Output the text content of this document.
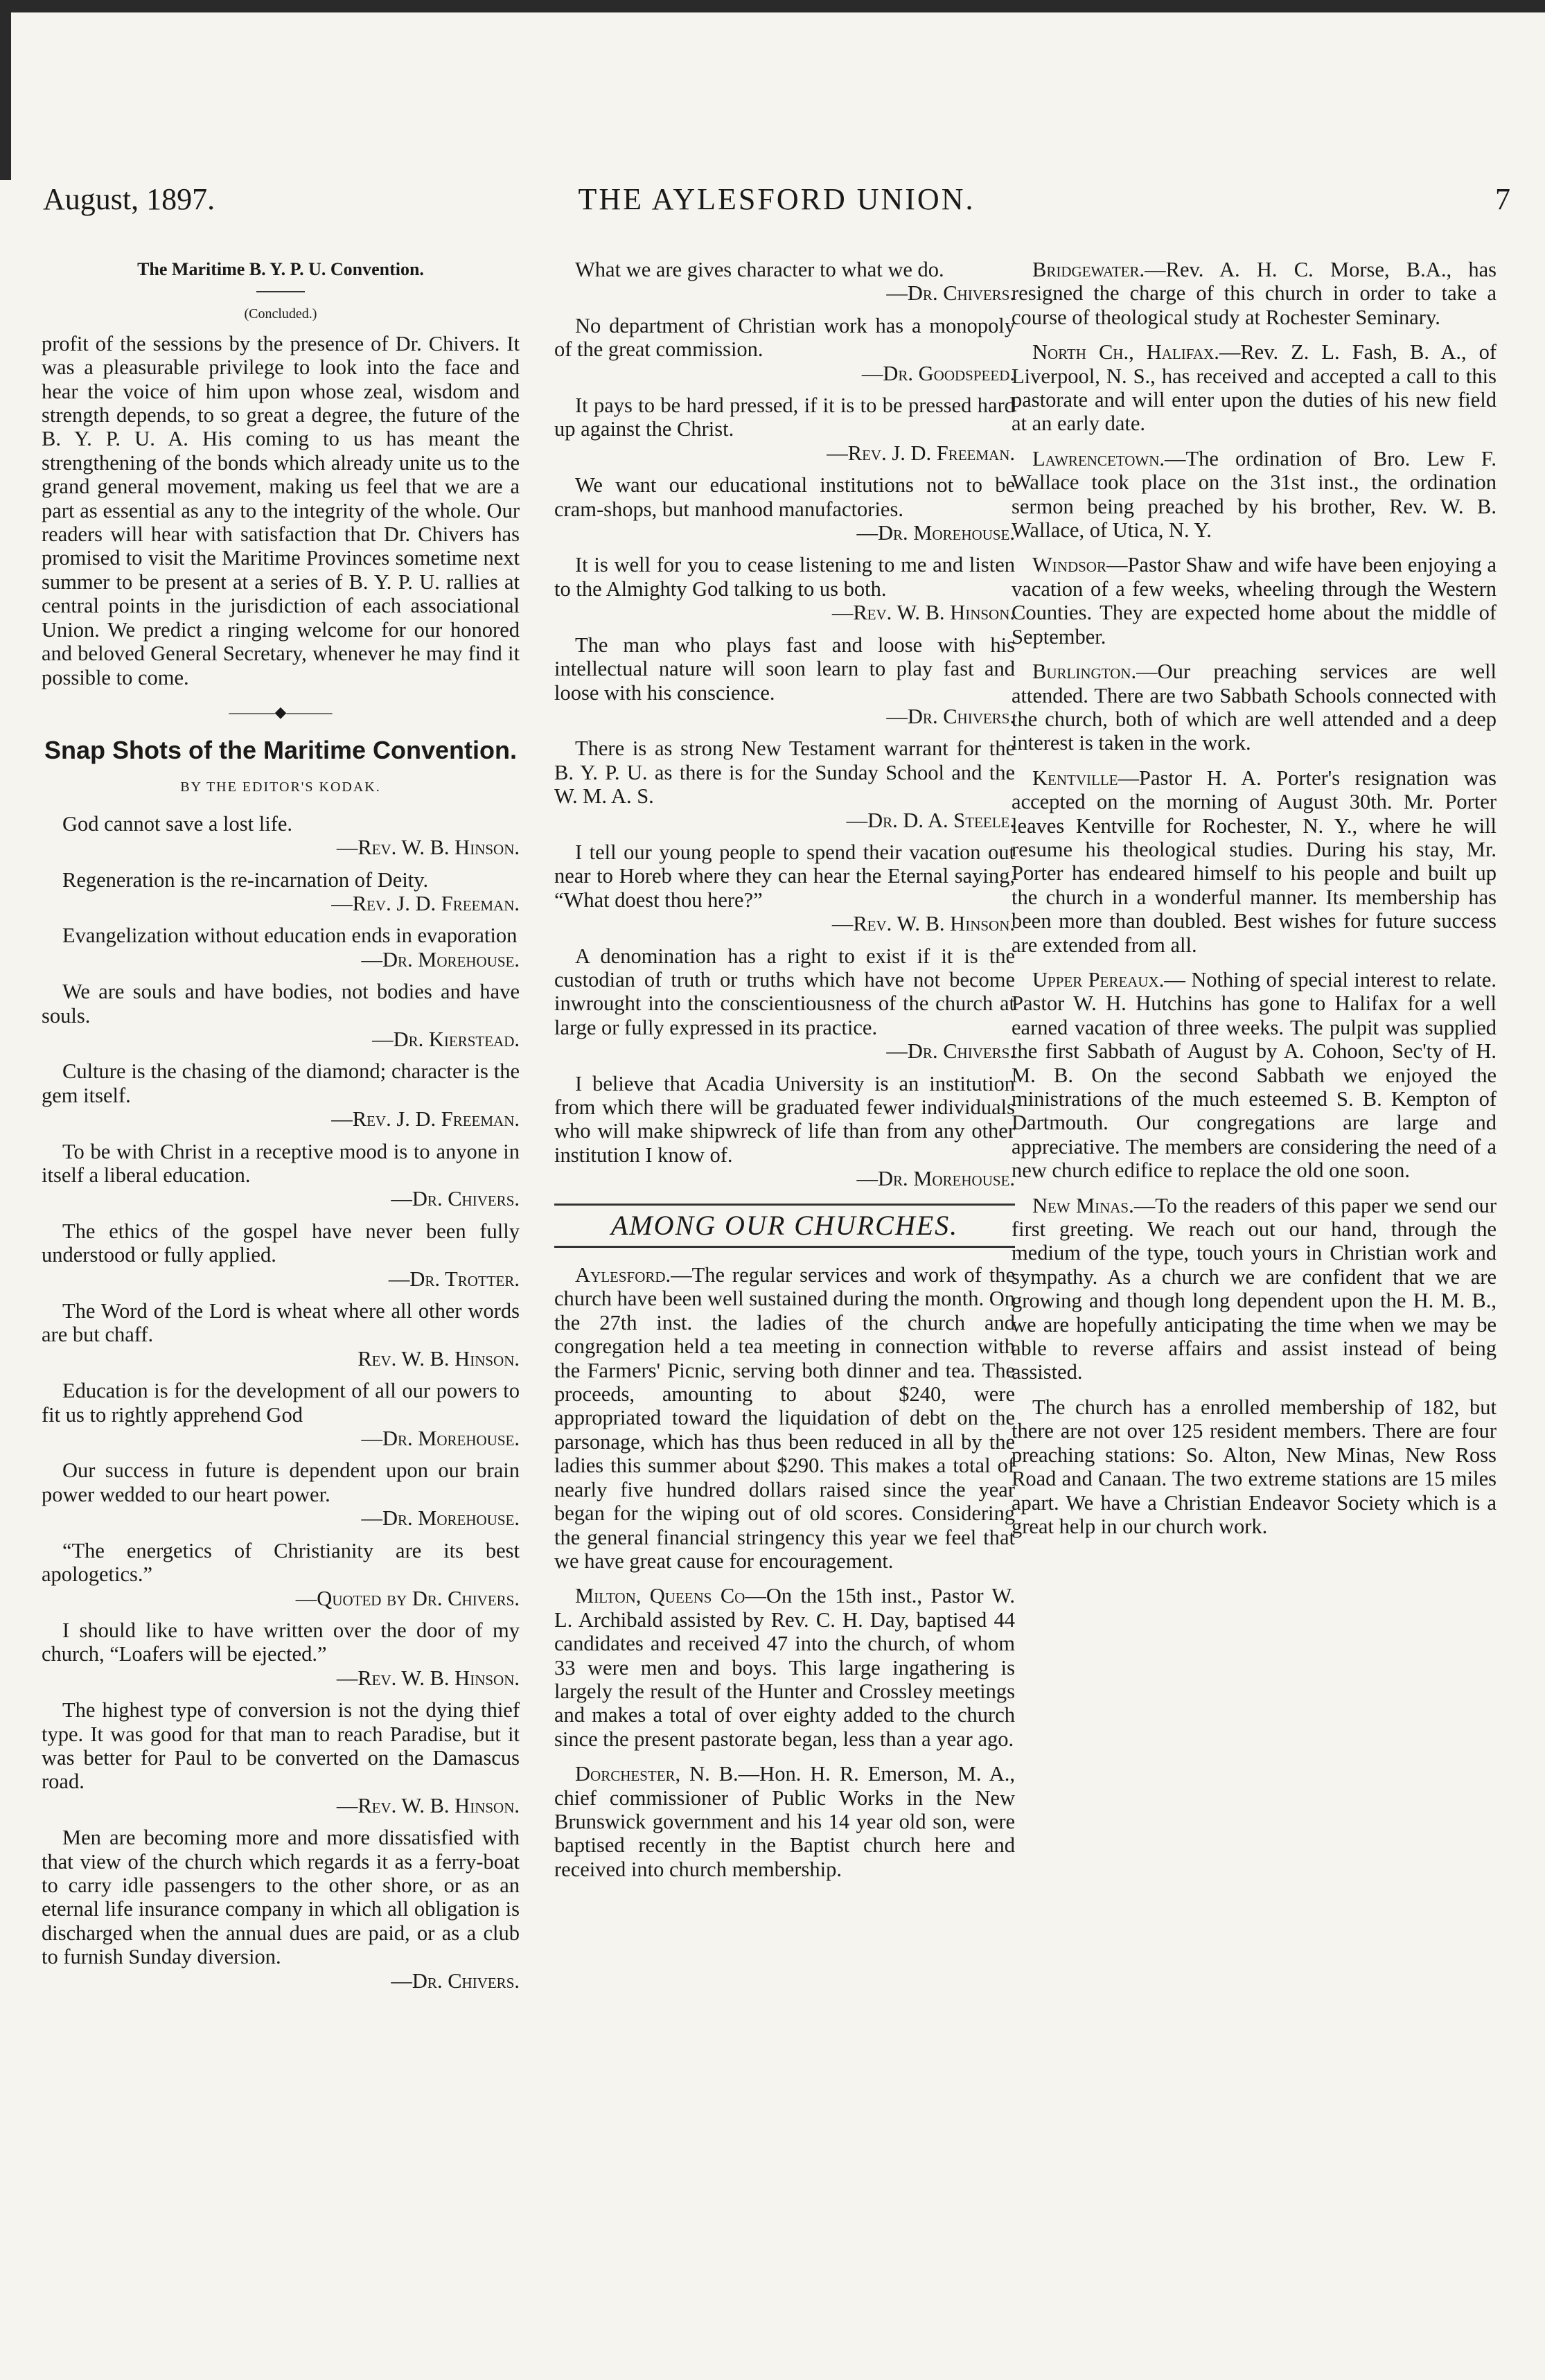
August, 1897.	THE AYLESFORD UNION.	7
The Maritime B. Y. P. U. Convention.
(Concluded.)

profit of the sessions by the presence of Dr. Chivers. It was a pleasurable privilege to look into the face and hear the voice of him upon whose zeal, wisdom and strength depends, to so great a degree, the future of the B. Y. P. U. A. His coming to us has meant the strengthening of the bonds which already unite us to the grand general movement, making us feel that we are a part as essential as any to the integrity of the whole. Our readers will hear with satisfaction that Dr. Chivers has promised to visit the Maritime Provinces sometime next summer to be present at a series of B. Y. P. U. rallies at central points in the jurisdiction of each associational Union. We predict a ringing welcome for our honored and beloved General Secretary, whenever he may find it possible to come.

———◆———
Snap Shots of the Maritime Convention.
BY THE EDITOR'S KODAK.
God cannot save a lost life.
—Rev. W. B. Hinson.
Regeneration is the re-incarnation of Deity.
—Rev. J. D. Freeman.
Evangelization without education ends in evaporation
—Dr. Morehouse.
We are souls and have bodies, not bodies and have souls.
—Dr. Kierstead.
Culture is the chasing of the diamond; character is the gem itself.
—Rev. J. D. Freeman.
To be with Christ in a receptive mood is to anyone in itself a liberal education.
—Dr. Chivers.
The ethics of the gospel have never been fully understood or fully applied.
—Dr. Trotter.
The Word of the Lord is wheat where all other words are but chaff.
Rev. W. B. Hinson.
Education is for the development of all our powers to fit us to rightly apprehend God
—Dr. Morehouse.
Our success in future is dependent upon our brain power wedded to our heart power.
—Dr. Morehouse.
“The energetics of Christianity are its best apologetics.”
—Quoted by Dr. Chivers.
I should like to have written over the door of my church, “Loafers will be ejected.”
—Rev. W. B. Hinson.
The highest type of conversion is not the dying thief type. It was good for that man to reach Paradise, but it was better for Paul to be converted on the Damascus road.
—Rev. W. B. Hinson.
Men are becoming more and more dissatisfied with that view of the church which regards it as a ferry-boat to carry idle passengers to the other shore, or as an eternal life insurance company in which all obligation is discharged when the annual dues are paid, or as a club to furnish Sunday diversion.
—Dr. Chivers.
What we are gives character to what we do.
—Dr. Chivers.
No department of Christian work has a monopoly of the great commission.
—Dr. Goodspeed.
It pays to be hard pressed, if it is to be pressed hard up against the Christ.
—Rev. J. D. Freeman.
We want our educational institutions not to be cram-shops, but manhood manufactories.
—Dr. Morehouse.
It is well for you to cease listening to me and listen to the Almighty God talking to us both.
—Rev. W. B. Hinson.
The man who plays fast and loose with his intellectual nature will soon learn to play fast and loose with his conscience.
—Dr. Chivers.
There is as strong New Testament warrant for the B. Y. P. U. as there is for the Sunday School and the W. M. A. S.
—Dr. D. A. Steele.
I tell our young people to spend their vacation out near to Horeb where they can hear the Eternal saying, “What doest thou here?”
—Rev. W. B. Hinson.
A denomination has a right to exist if it is the custodian of truth or truths which have not become inwrought into the conscientiousness of the church at large or fully expressed in its practice.
—Dr. Chivers.
I believe that Acadia University is an institution from which there will be graduated fewer individuals who will make shipwreck of life than from any other institution I know of.
—Dr. Morehouse.
AMONG OUR CHURCHES.

Aylesford.—The regular services and work of the church have been well sustained during the month. On the 27th inst. the ladies of the church and congregation held a tea meeting in connection with the Farmers' Picnic, serving both dinner and tea. The proceeds, amounting to about $240, were appropriated toward the liquidation of debt on the parsonage, which has thus been reduced in all by the ladies this summer about $290. This makes a total of nearly five hundred dollars raised since the year began for the wiping out of old scores. Considering the general financial stringency this year we feel that we have great cause for encouragement.

Milton, Queens Co—On the 15th inst., Pastor W. L. Archibald assisted by Rev. C. H. Day, baptised 44 candidates and received 47 into the church, of whom 33 were men and boys. This large ingathering is largely the result of the Hunter and Crossley meetings and makes a total of over eighty added to the church since the present pastorate began, less than a year ago.

Dorchester, N. B.—Hon. H. R. Emerson, M. A., chief commissioner of Public Works in the New Brunswick government and his 14 year old son, were baptised recently in the Baptist church here and received into church membership.

Bridgewater.—Rev. A. H. C. Morse, B.A., has resigned the charge of this church in order to take a course of theological study at Rochester Seminary.

North Ch., Halifax.—Rev. Z. L. Fash, B. A., of Liverpool, N. S., has received and accepted a call to this pastorate and will enter upon the duties of his new field at an early date.

Lawrencetown.—The ordination of Bro. Lew F. Wallace took place on the 31st inst., the ordination sermon being preached by his brother, Rev. W. B. Wallace, of Utica, N. Y.

Windsor—Pastor Shaw and wife have been enjoying a vacation of a few weeks, wheeling through the Western Counties. They are expected home about the middle of September.

Burlington.—Our preaching services are well attended. There are two Sabbath Schools connected with the church, both of which are well attended and a deep interest is taken in the work.

Kentville—Pastor H. A. Porter's resignation was accepted on the morning of August 30th. Mr. Porter leaves Kentville for Rochester, N. Y., where he will resume his theological studies. During his stay, Mr. Porter has endeared himself to his people and built up the church in a wonderful manner. Its membership has been more than doubled. Best wishes for future success are extended from all.

Upper Pereaux.— Nothing of special interest to relate. Pastor W. H. Hutchins has gone to Halifax for a well earned vacation of three weeks. The pulpit was supplied the first Sabbath of August by A. Cohoon, Sec'ty of H. M. B. On the second Sabbath we enjoyed the ministrations of the much esteemed S. B. Kempton of Dartmouth. Our congregations are large and appreciative. The members are considering the need of a new church edifice to replace the old one soon.

New Minas.—To the readers of this paper we send our first greeting. We reach out our hand, through the medium of the type, touch yours in Christian work and sympathy. As a church we are confident that we are growing and though long dependent upon the H. M. B., we are hopefully anticipating the time when we may be able to reverse affairs and assist instead of being assisted.

The church has a enrolled membership of 182, but there are not over 125 resident members. There are four preaching stations: So. Alton, New Minas, New Ross Road and Canaan. The two extreme stations are 15 miles apart. We have a Christian Endeavor Society which is a great help in our church work.
